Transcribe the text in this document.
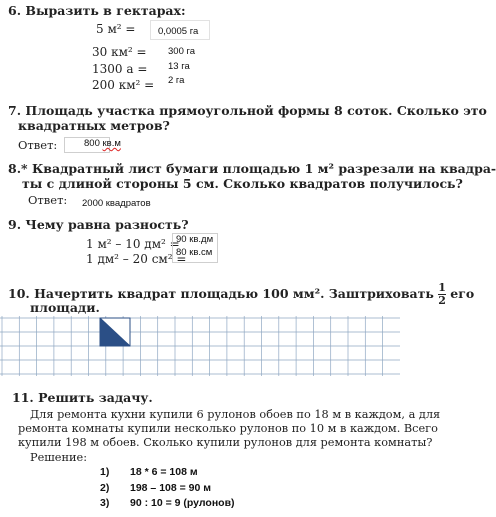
6. Выразить в гектарах:
5 м² = 0,0005 га
30 км² = 300 га
1300 а = 13 га
200 км² = 2 га
7. Площадь участка прямоугольной формы 8 соток. Сколько это
квадратных метров?
Ответ:	800 кв.м
8.* Квадратный лист бумаги площадью 1 м² разрезали на квадра-
ты с длиной стороны 5 см. Сколько квадратов получилось?
Ответ: 2000 квадратов
9. Чему равна разность?
1 м² – 10 дм² =
1 дм² – 20 см² =
90 кв.дм
80 кв.см
10. Начертить квадрат площадью 100 мм². Заштриховать $\frac{1}{2}$ его
площади.
11. Решить задачу.
Для ремонта кухни купили 6 рулонов обоев по 18 м в каждом, а для
ремонта комнаты купили несколько рулонов по 10 м в каждом. Всего
купили 198 м обоев. Сколько купили рулонов для ремонта комнаты?
Решение:
1) 18 * 6 = 108 м
2) 198 – 108 = 90 м
3) 90 : 10 = 9 (рулонов)
